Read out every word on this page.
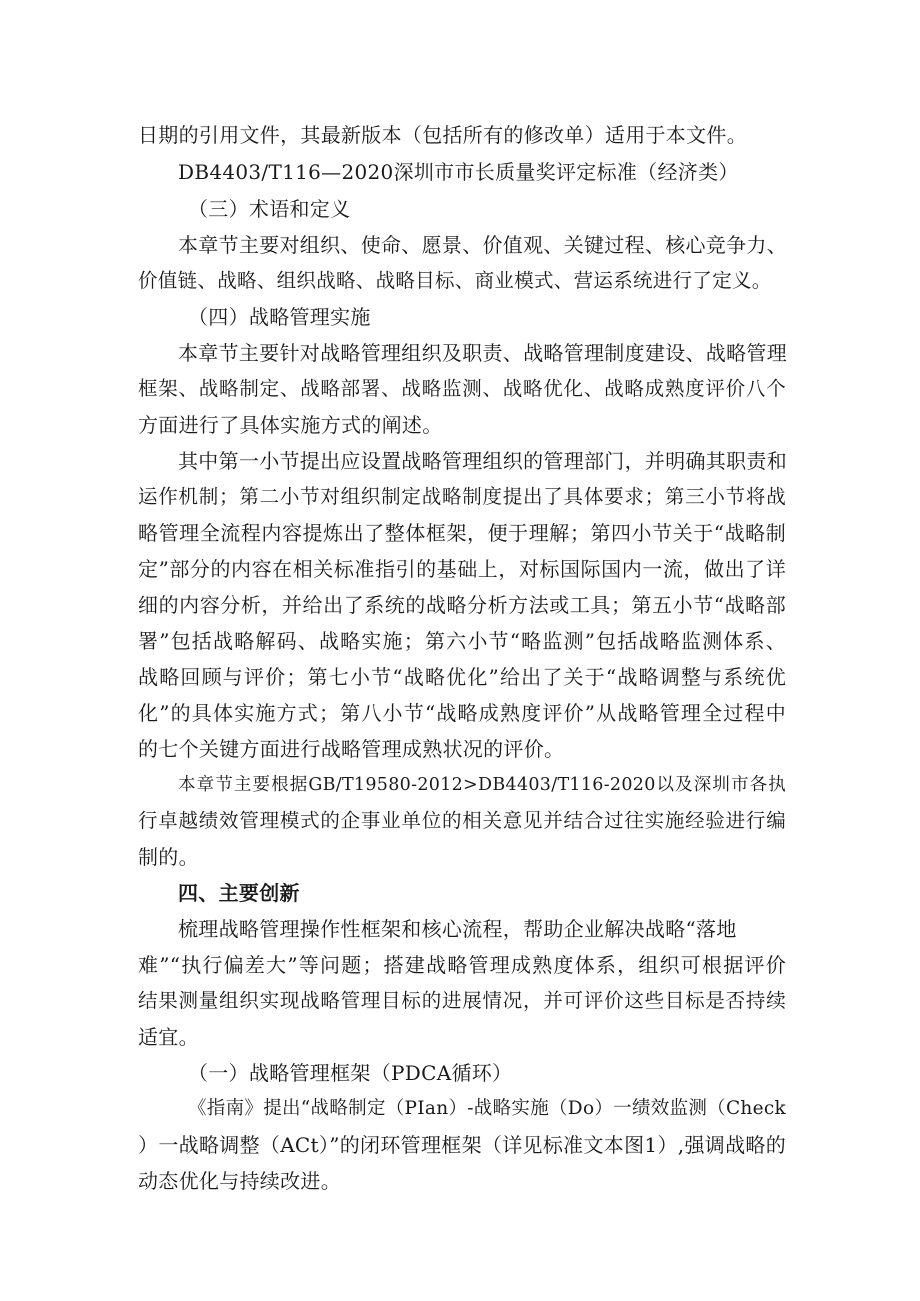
日期的引用文件，其最新版本（包括所有的修改单）适用于本文件。
DB4403/T116—2020深圳市市长质量奖评定标准（经济类）
（三）术语和定义
本章节主要对组织、使命、愿景、价值观、关键过程、核心竞争力、
价值链、战略、组织战略、战略目标、商业模式、营运系统进行了定义。
（四）战略管理实施
本章节主要针对战略管理组织及职责、战略管理制度建设、战略管理
框架、战略制定、战略部署、战略监测、战略优化、战略成熟度评价八个
方面进行了具体实施方式的阐述。
其中第一小节提出应设置战略管理组织的管理部门，并明确其职责和
运作机制；第二小节对组织制定战略制度提出了具体要求；第三小节将战
略管理全流程内容提炼出了整体框架，便于理解；第四小节关于“战略制
定”部分的内容在相关标准指引的基础上，对标国际国内一流，做出了详
细的内容分析，并给出了系统的战略分析方法或工具；第五小节“战略部
署”包括战略解码、战略实施；第六小节“略监测”包括战略监测体系、
战略回顾与评价；第七小节“战略优化”给出了关于“战略调整与系统优
化”的具体实施方式；第八小节“战略成熟度评价”从战略管理全过程中
的七个关键方面进行战略管理成熟状况的评价。
本章节主要根据GB/T19580-2012>DB4403/T116-2020以及深圳市各执
行卓越绩效管理模式的企事业单位的相关意见并结合过往实施经验进行编
制的。
四、主要创新
梳理战略管理操作性框架和核心流程，帮助企业解决战略“落地
难”“执行偏差大”等问题；搭建战略管理成熟度体系，组织可根据评价
结果测量组织实现战略管理目标的进展情况，并可评价这些目标是否持续
适宜。
（一）战略管理框架（PDCA循环）
《指南》提出“战略制定（PIan）-战略实施（Do）一绩效监测（Check
）一战略调整（ACt）”的闭环管理框架（详见标准文本图1）,强调战略的
动态优化与持续改进。
